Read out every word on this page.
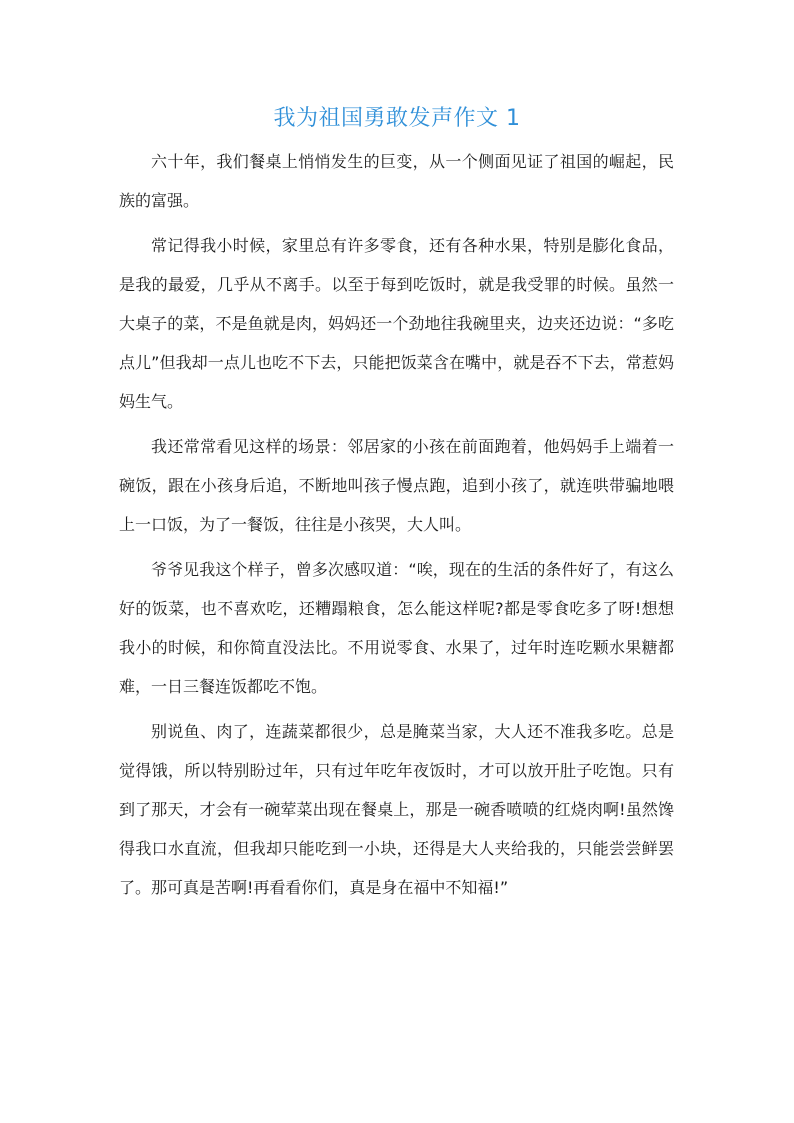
我为祖国勇敢发声作文 1

六十年，我们餐桌上悄悄发生的巨变，从一个侧面见证了祖国的崛起，民族的富强。

常记得我小时候，家里总有许多零食，还有各种水果，特别是膨化食品，是我的最爱，几乎从不离手。以至于每到吃饭时，就是我受罪的时候。虽然一大桌子的菜，不是鱼就是肉，妈妈还一个劲地往我碗里夹，边夹还边说：“多吃点儿”但我却一点儿也吃不下去，只能把饭菜含在嘴中，就是吞不下去，常惹妈妈生气。

我还常常看见这样的场景：邻居家的小孩在前面跑着，他妈妈手上端着一碗饭，跟在小孩身后追，不断地叫孩子慢点跑，追到小孩了，就连哄带骗地喂上一口饭，为了一餐饭，往往是小孩哭，大人叫。

爷爷见我这个样子，曾多次感叹道：“唉，现在的生活的条件好了，有这么好的饭菜，也不喜欢吃，还糟蹋粮食，怎么能这样呢?都是零食吃多了呀!想想我小的时候，和你简直没法比。不用说零食、水果了，过年时连吃颗水果糖都难，一日三餐连饭都吃不饱。

别说鱼、肉了，连蔬菜都很少，总是腌菜当家，大人还不准我多吃。总是觉得饿，所以特别盼过年，只有过年吃年夜饭时，才可以放开肚子吃饱。只有到了那天，才会有一碗荤菜出现在餐桌上，那是一碗香喷喷的红烧肉啊!虽然馋得我口水直流，但我却只能吃到一小块，还得是大人夹给我的，只能尝尝鲜罢了。那可真是苦啊!再看看你们，真是身在福中不知福!”
